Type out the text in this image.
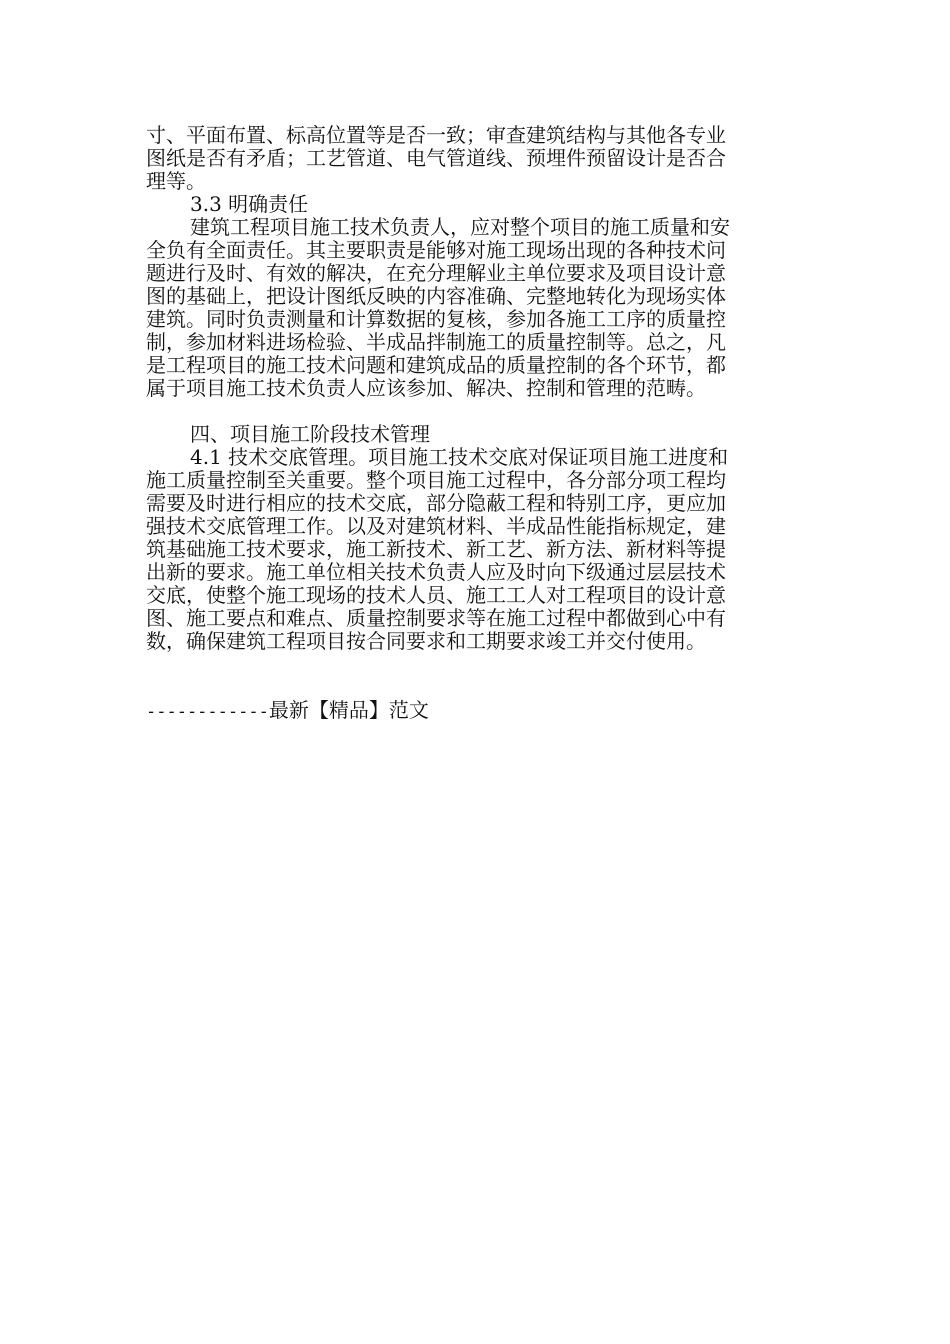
寸、平面布置、标高位置等是否一致；审查建筑结构与其他各专业
图纸是否有矛盾；工艺管道、电气管道线、预埋件预留设计是否合
理等。
3.3 明确责任
建筑工程项目施工技术负责人，应对整个项目的施工质量和安
全负有全面责任。其主要职责是能够对施工现场出现的各种技术问
题进行及时、有效的解决，在充分理解业主单位要求及项目设计意
图的基础上，把设计图纸反映的内容准确、完整地转化为现场实体
建筑。同时负责测量和计算数据的复核，参加各施工工序的质量控
制，参加材料进场检验、半成品拌制施工的质量控制等。总之，凡
是工程项目的施工技术问题和建筑成品的质量控制的各个环节，都
属于项目施工技术负责人应该参加、解决、控制和管理的范畴。
四、项目施工阶段技术管理
4.1 技术交底管理。项目施工技术交底对保证项目施工进度和
施工质量控制至关重要。整个项目施工过程中，各分部分项工程均
需要及时进行相应的技术交底，部分隐蔽工程和特别工序，更应加
强技术交底管理工作。以及对建筑材料、半成品性能指标规定，建
筑基础施工技术要求，施工新技术、新工艺、新方法、新材料等提
出新的要求。施工单位相关技术负责人应及时向下级通过层层技术
交底，使整个施工现场的技术人员、施工工人对工程项目的设计意
图、施工要点和难点、质量控制要求等在施工过程中都做到心中有
数，确保建筑工程项目按合同要求和工期要求竣工并交付使用。
------------最新【精品】范文
